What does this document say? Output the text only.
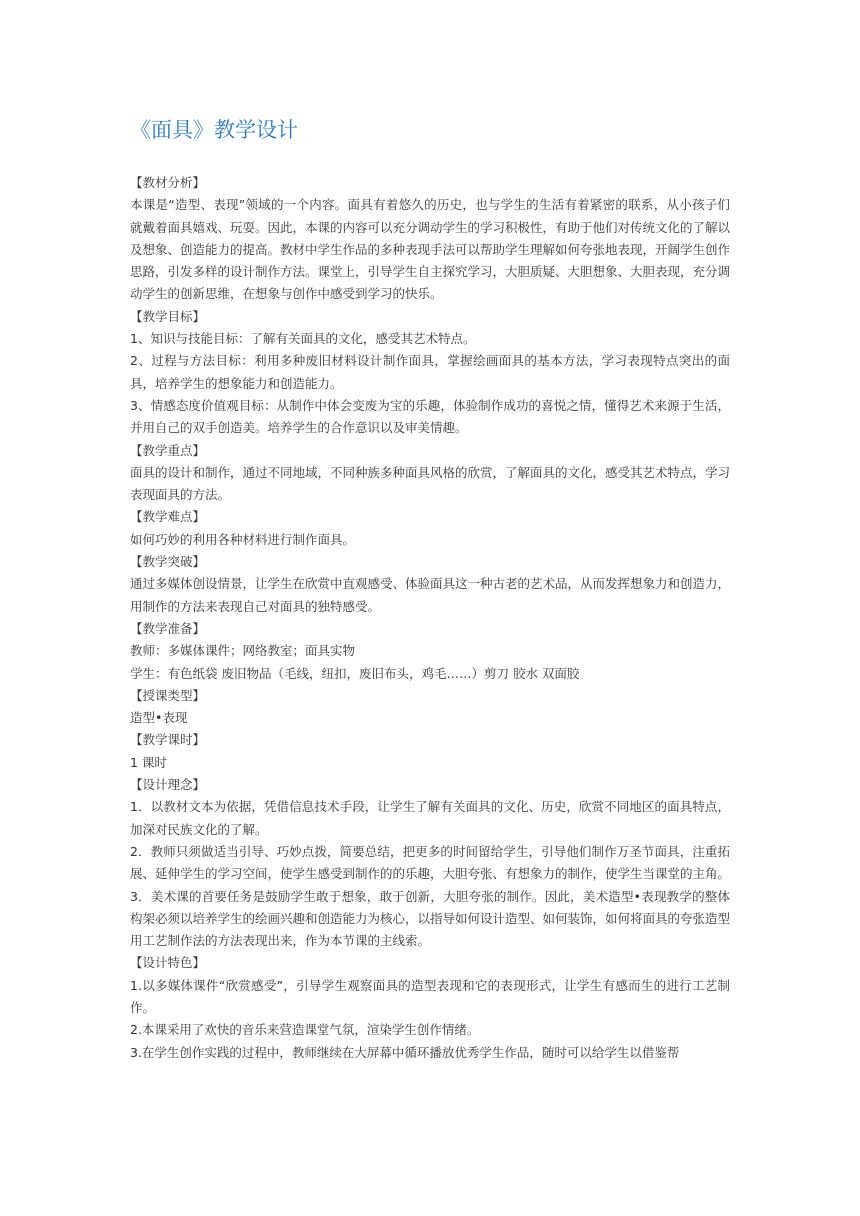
《面具》教学设计

【教材分析】

本课是“造型、表现”领域的一个内容。面具有着悠久的历史，也与学生的生活有着紧密的联系，从小孩子们就戴着面具嬉戏、玩耍。因此，本课的内容可以充分调动学生的学习积极性，有助于他们对传统文化的了解以及想象、创造能力的提高。教材中学生作品的多种表现手法可以帮助学生理解如何夸张地表现，开阔学生创作思路，引发多样的设计制作方法。课堂上，引导学生自主探究学习，大胆质疑、大胆想象、大胆表现，充分调动学生的创新思维，在想象与创作中感受到学习的快乐。

【教学目标】

1、知识与技能目标：了解有关面具的文化，感受其艺术特点。

2、过程与方法目标：利用多种废旧材料设计制作面具，掌握绘画面具的基本方法，学习表现特点突出的面具，培养学生的想象能力和创造能力。

3、情感态度价值观目标：从制作中体会变废为宝的乐趣，体验制作成功的喜悦之情，懂得艺术来源于生活，并用自己的双手创造美。培养学生的合作意识以及审美情趣。

【教学重点】

面具的设计和制作，通过不同地域，不同种族多种面具风格的欣赏，了解面具的文化，感受其艺术特点，学习表现面具的方法。

【教学难点】

如何巧妙的利用各种材料进行制作面具。

【教学突破】

通过多媒体创设情景，让学生在欣赏中直观感受、体验面具这一种古老的艺术品，从而发挥想象力和创造力，用制作的方法来表现自己对面具的独特感受。

【教学准备】

教师：多媒体课件；网络教室；面具实物

学生：有色纸袋 废旧物品（毛线，纽扣，废旧布头，鸡毛……）剪刀 胶水 双面胶

【授课类型】

造型•表现

【教学课时】

1 课时

【设计理念】

1．以教材文本为依据，凭借信息技术手段，让学生了解有关面具的文化、历史，欣赏不同地区的面具特点，加深对民族文化的了解。

2．教师只须做适当引导、巧妙点拨，简要总结，把更多的时间留给学生，引导他们制作万圣节面具，注重拓展、延伸学生的学习空间，使学生感受到制作的的乐趣，大胆夸张、有想象力的制作，使学生当课堂的主角。

3．美术课的首要任务是鼓励学生敢于想象，敢于创新，大胆夸张的制作。因此，美术造型•表现教学的整体构架必须以培养学生的绘画兴趣和创造能力为核心，以指导如何设计造型、如何装饰，如何将面具的夸张造型用工艺制作法的方法表现出来，作为本节课的主线索。

【设计特色】

1.以多媒体课件“欣赏感受”，引导学生观察面具的造型表现和它的表现形式，让学生有感而生的进行工艺制作。

2.本课采用了欢快的音乐来营造课堂气氛，渲染学生创作情绪。

3.在学生创作实践的过程中，教师继续在大屏幕中循环播放优秀学生作品，随时可以给学生以借鉴帮
